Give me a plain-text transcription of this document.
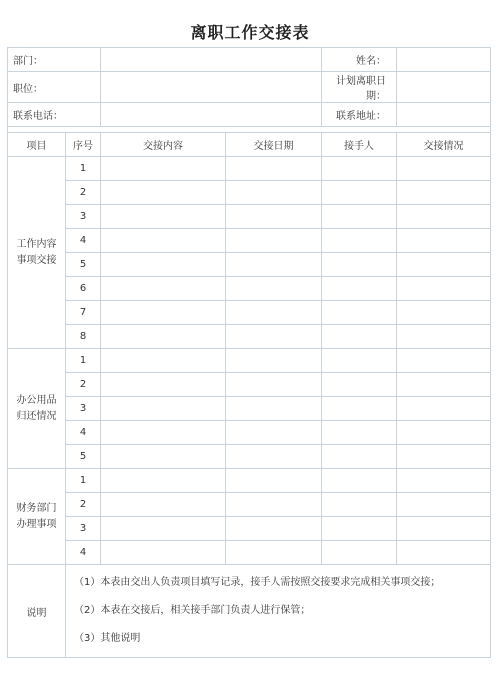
离职工作交接表
部门：				姓名：	
职位：				计划离职日期：	
联系电话：				联系地址：	

项目	序号	交接内容	交接日期	接手人	交接情况
工作内容事项交接	1				
	2				
	3				
	4				
	5				
	6				
	7				
	8				
办公用品归还情况	1				
	2				
	3				
	4				
	5				
财务部门办理事项	1				
	2				
	3				
	4				
说明	（1）本表由交出人负责项目填写记录，接手人需按照交接要求完成相关事项交接；
（2）本表在交接后，相关接手部门负责人进行保管；
（3）其他说明				
